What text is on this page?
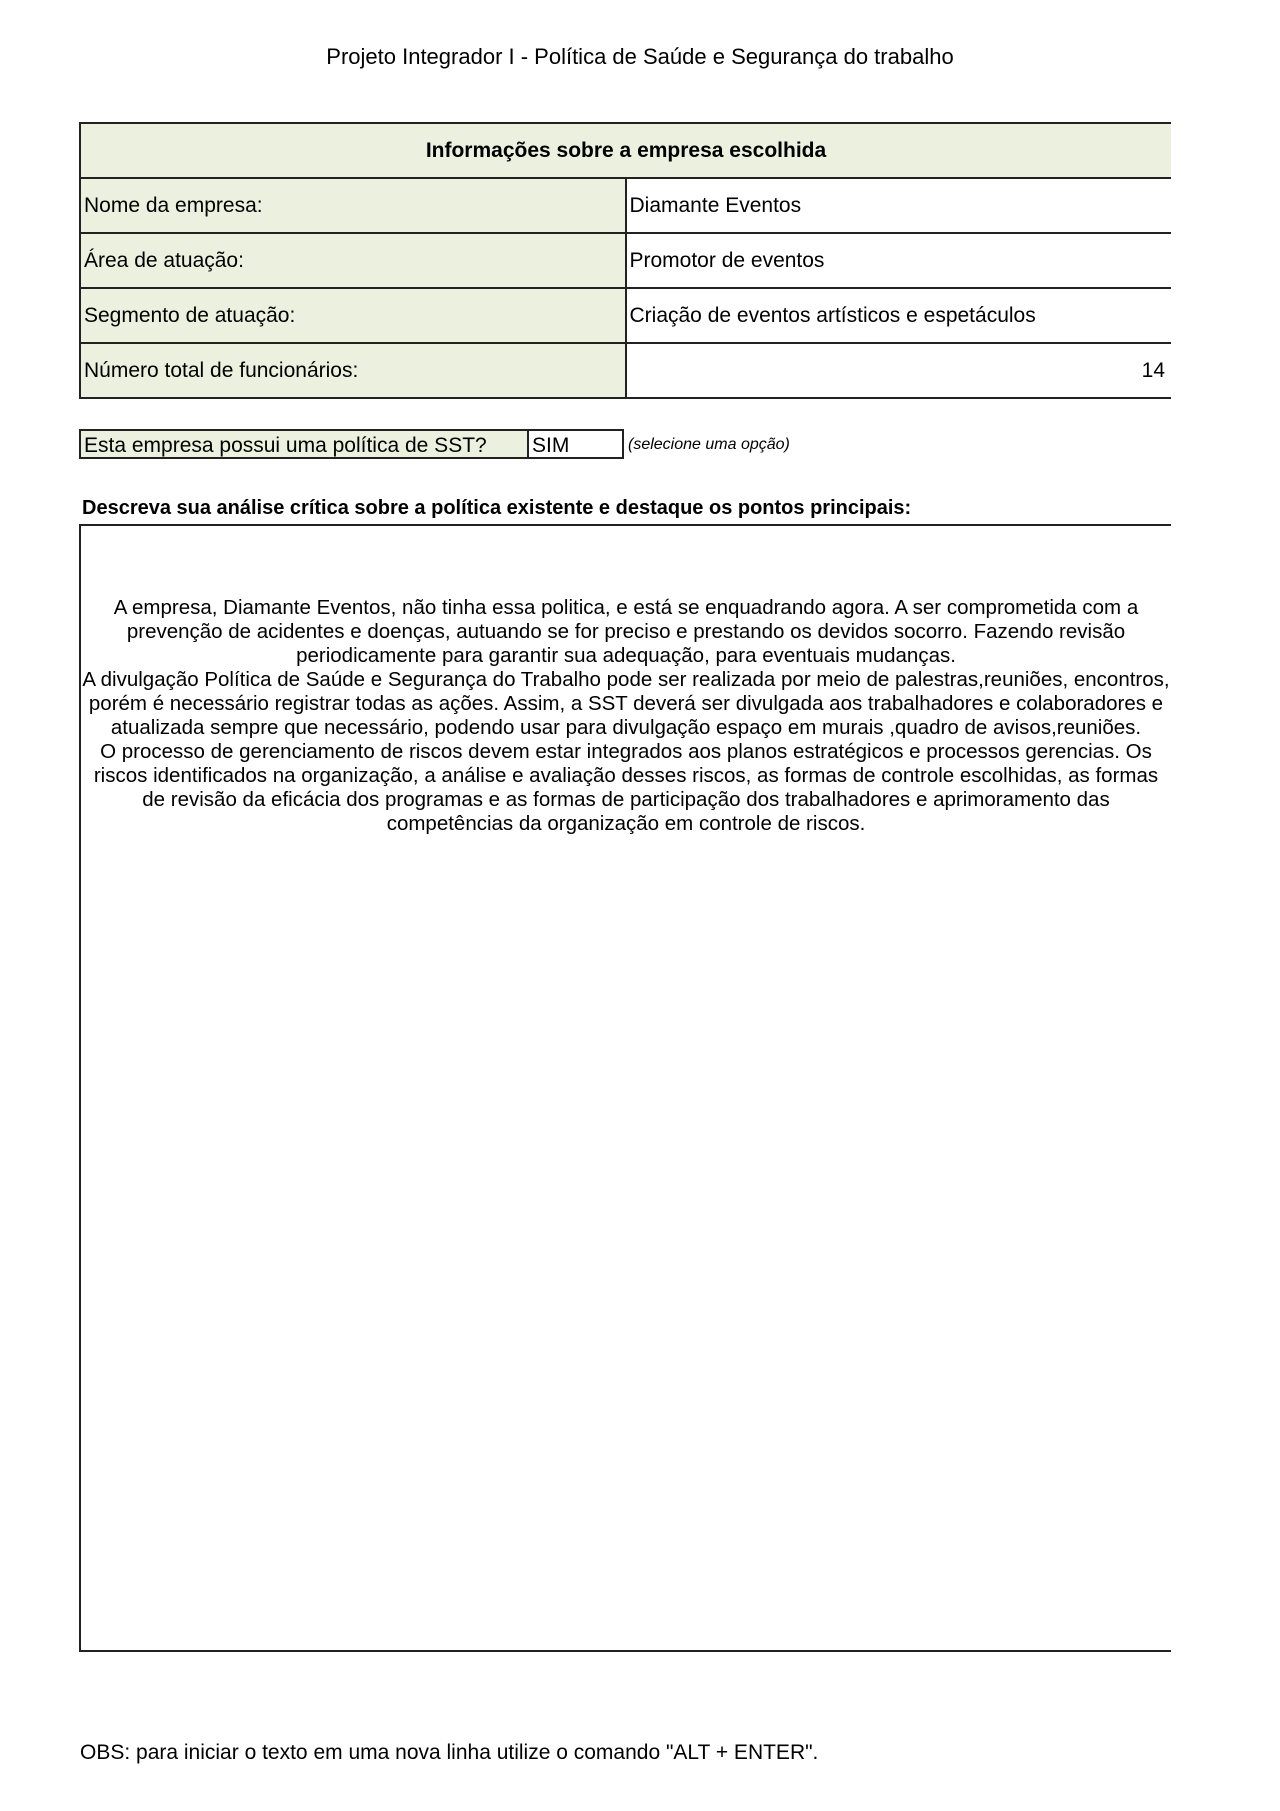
Projeto Integrador I - Política de Saúde e Segurança do trabalho
Informações sobre a empresa escolhida	
Nome da empresa:	Diamante Eventos
Área de atuação:	Promotor de eventos
Segmento de atuação:	Criação de eventos artísticos e espetáculos
Número total de funcionários:	14
Esta empresa possui uma política de SST?	SIM	(selecione uma opção)
Descreva sua análise crítica sobre a política existente e destaque os pontos principais:

A empresa, Diamante Eventos, não tinha essa politica, e está se enquadrando agora. A ser comprometida com a prevenção de acidentes e doenças, autuando se for preciso e prestando os devidos socorro. Fazendo revisão periodicamente para garantir sua adequação, para eventuais mudanças.

A divulgação Política de Saúde e Segurança do Trabalho pode ser realizada por meio de palestras,reuniões, encontros, porém é necessário registrar todas as ações. Assim, a SST deverá ser divulgada aos trabalhadores e colaboradores e atualizada sempre que necessário, podendo usar para divulgação espaço em murais ,quadro de avisos,reuniões.

O processo de gerenciamento de riscos devem estar integrados aos planos estratégicos e processos gerencias. Os riscos identificados na organização, a análise e avaliação desses riscos, as formas de controle escolhidas, as formas de revisão da eficácia dos programas e as formas de participação dos trabalhadores e aprimoramento das competências da organização em controle de riscos.

OBS: para iniciar o texto em uma nova linha utilize o comando "ALT + ENTER".
